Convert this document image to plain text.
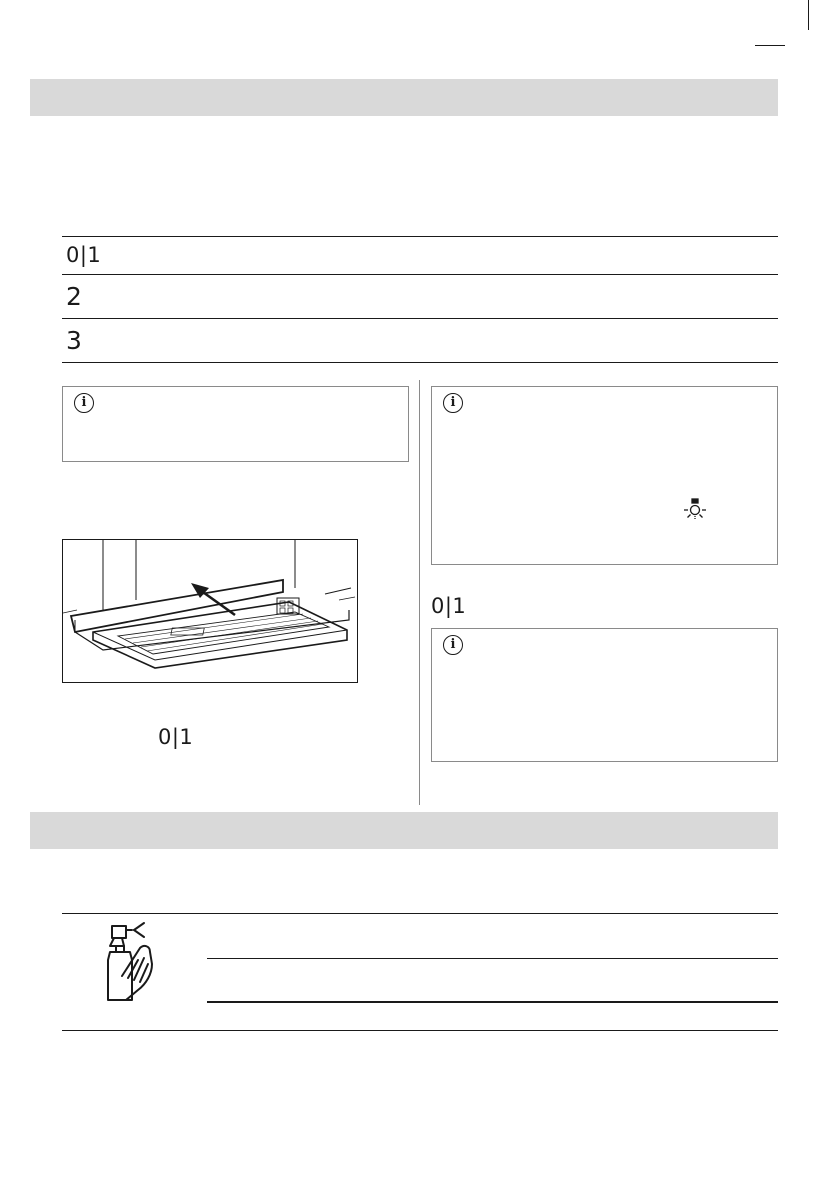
0|1
2
3
i
0|1
i
0|1
i
